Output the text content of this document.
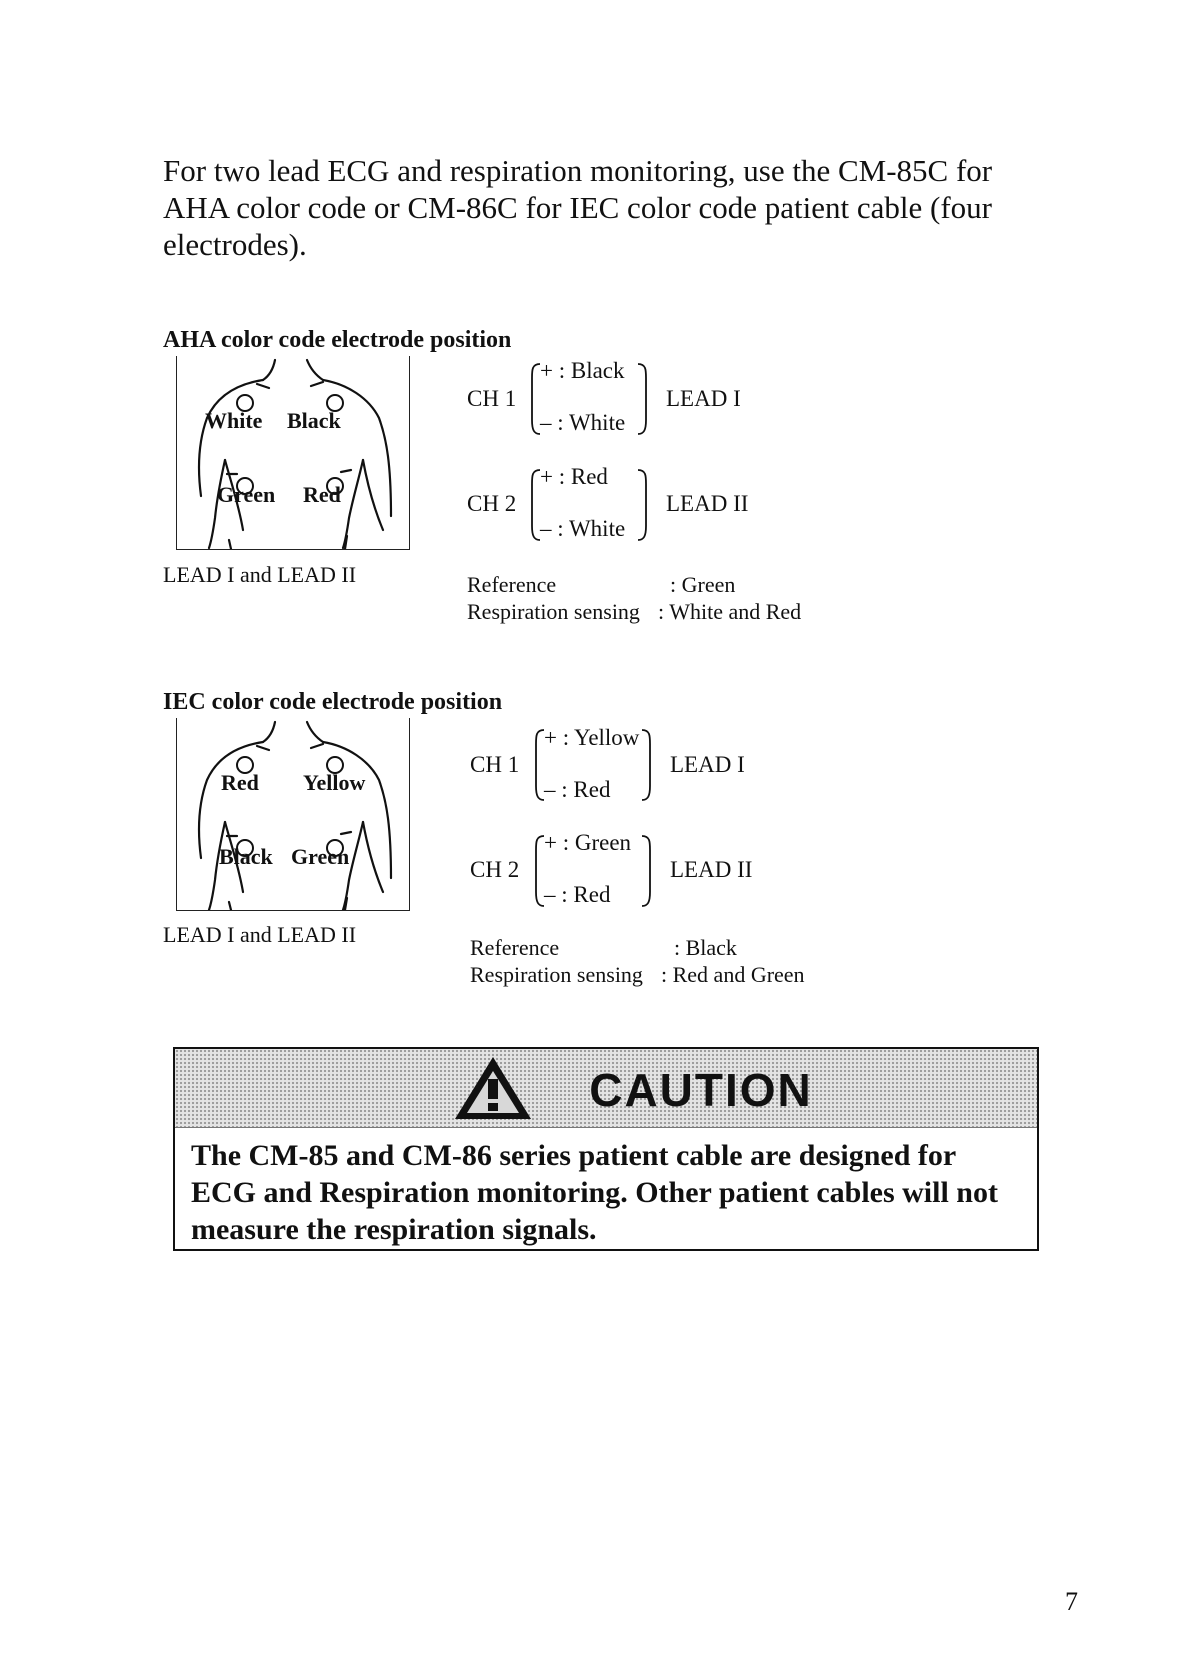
For two lead ECG and respiration monitoring, use the CM-85C for AHA color code or CM-86C for IEC color code patient cable (four electrodes).
AHA color code electrode position
White Black
Green Red
LEAD I and LEAD II
CH 1
+ : Black
– : White
LEAD I
CH 2
+ : Red
– : White
LEAD II
Reference	: Green
Respiration sensing : White and Red
IEC color code electrode position
Red Yellow
Black Green
LEAD I and LEAD II
CH 1
+ : Yellow
– : Red
LEAD I
CH 2
+ : Green
– : Red
LEAD II
Reference	: Black
Respiration sensing : Red and Green
CAUTION
The CM-85 and CM-86 series patient cable are designed for ECG and Respiration monitoring. Other patient cables will not measure the respiration signals.
7
